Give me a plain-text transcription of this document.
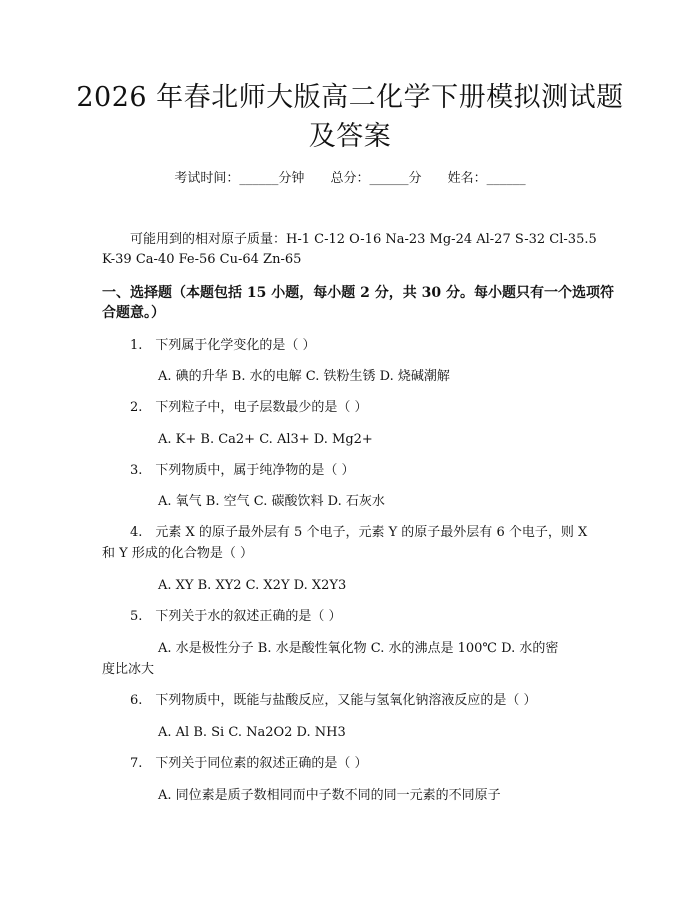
2026 年春北师大版高二化学下册模拟测试题
及答案
考试时间：______分钟 总分：______分 姓名：______
可能用到的相对原子质量：H-1 C-12 O-16 Na-23 Mg-24 Al-27 S-32 Cl-35.5
K-39 Ca-40 Fe-56 Cu-64 Zn-65
一、选择题（本题包括 15 小题，每小题 2 分，共 30 分。每小题只有一个选项符
合题意。）
1.　下列属于化学变化的是（ ）
A. 碘的升华 B. 水的电解 C. 铁粉生锈 D. 烧碱潮解
2.　下列粒子中，电子层数最少的是（ ）
A. K+ B. Ca2+ C. Al3+ D. Mg2+
3.　下列物质中，属于纯净物的是（ ）
A. 氧气 B. 空气 C. 碳酸饮料 D. 石灰水
4.　元素 X 的原子最外层有 5 个电子，元素 Y 的原子最外层有 6 个电子，则 X
和 Y 形成的化合物是（ ）
A. XY B. XY2 C. X2Y D. X2Y3
5.　下列关于水的叙述正确的是（ ）
A. 水是极性分子 B. 水是酸性氧化物 C. 水的沸点是 100℃ D. 水的密
度比冰大
6.　下列物质中，既能与盐酸反应，又能与氢氧化钠溶液反应的是（ ）
A. Al B. Si C. Na2O2 D. NH3
7.　下列关于同位素的叙述正确的是（ ）
A. 同位素是质子数相同而中子数不同的同一元素的不同原子
